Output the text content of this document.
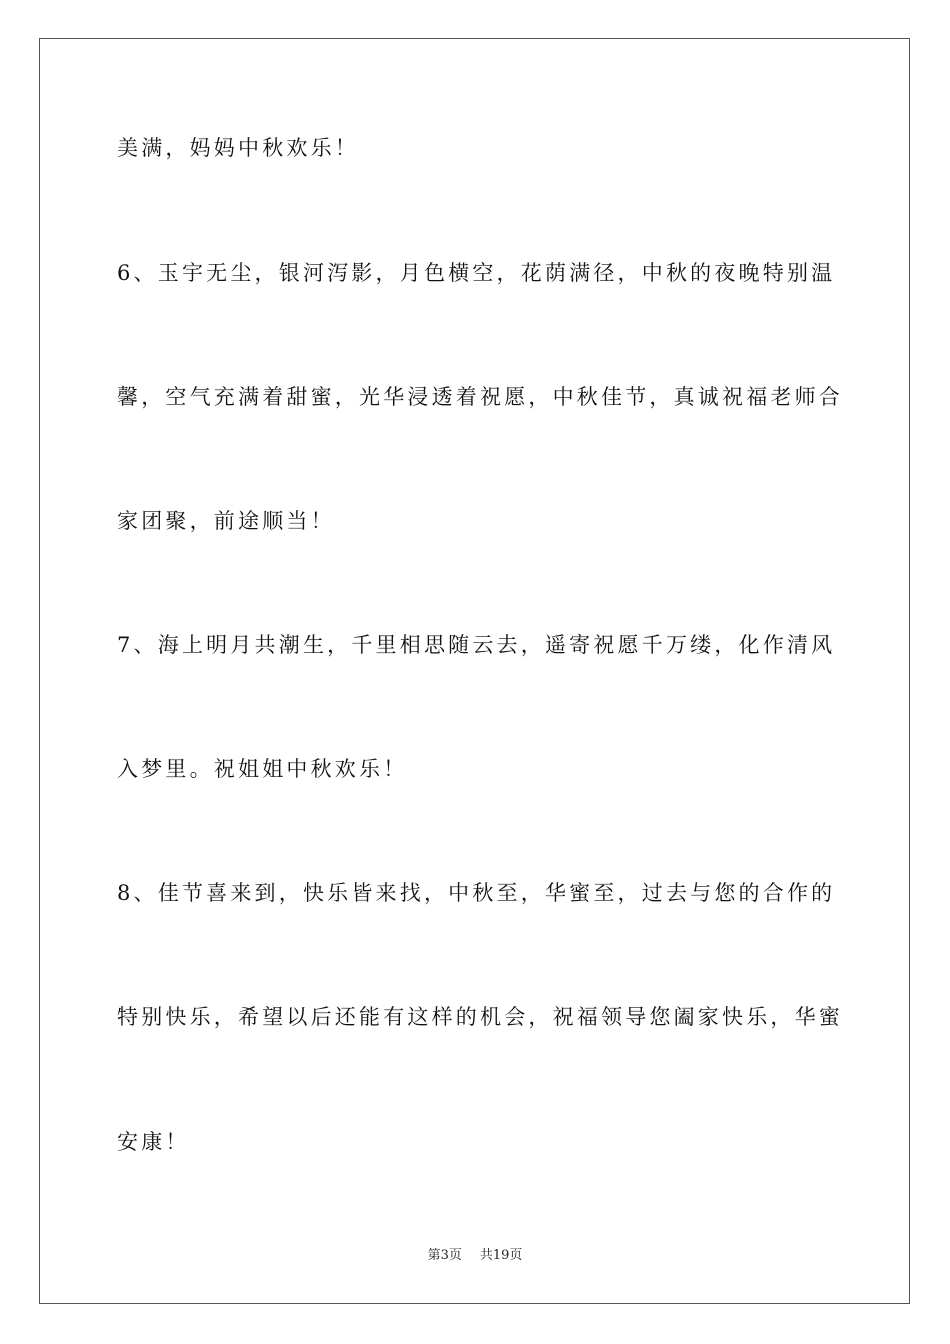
美满，妈妈中秋欢乐！
6、玉宇无尘，银河泻影，月色横空，花荫满径，中秋的夜晚特别温
馨，空气充满着甜蜜，光华浸透着祝愿，中秋佳节，真诚祝福老师合
家团聚，前途顺当！
7、海上明月共潮生，千里相思随云去，遥寄祝愿千万缕，化作清风
入梦里。祝姐姐中秋欢乐！
8、佳节喜来到，快乐皆来找，中秋至，华蜜至，过去与您的合作的
特别快乐，希望以后还能有这样的机会，祝福领导您阖家快乐，华蜜
安康！
第3页 共19页
